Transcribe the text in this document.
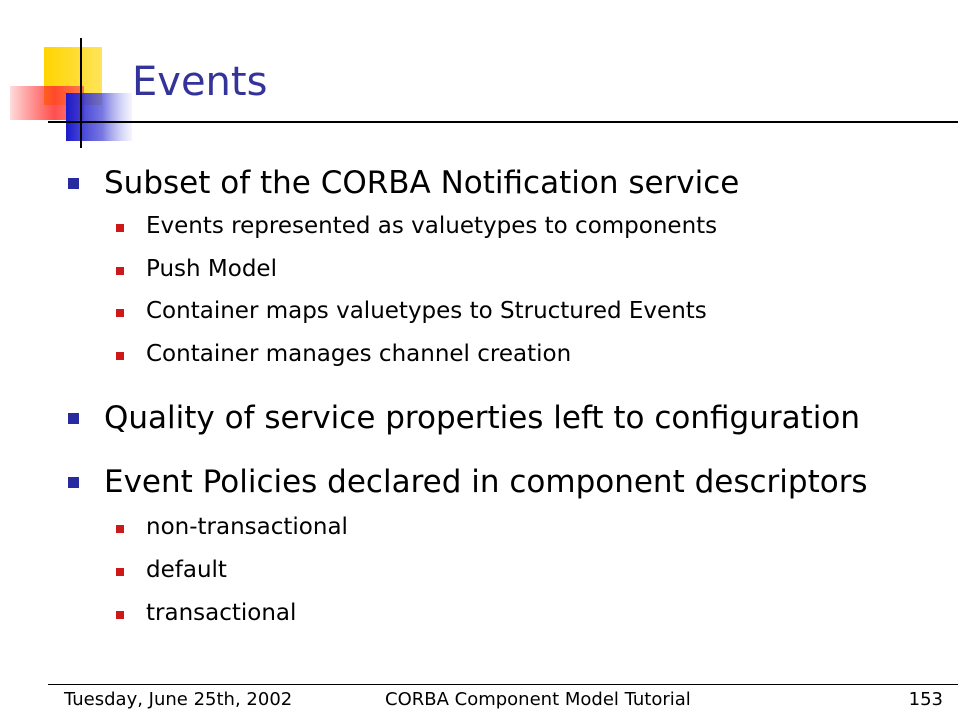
Events
Subset of the CORBA Notification service
Events represented as valuetypes to components
Push Model
Container maps valuetypes to Structured Events
Container manages channel creation
Quality of service properties left to configuration
Event Policies declared in component descriptors
non-transactional
default
transactional
Tuesday, June 25th, 2002	CORBA Component Model Tutorial	153
